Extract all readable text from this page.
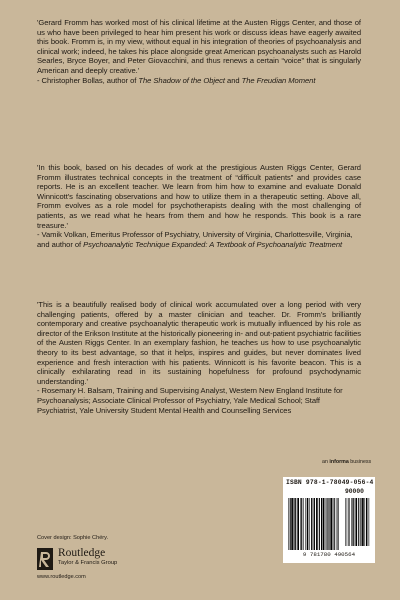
'Gerard Fromm has worked most of his clinical lifetime at the Austen Riggs Center, and those of us who have been privileged to hear him present his work or discuss ideas have eagerly awaited this book. Fromm is, in my view, without equal in his integration of theories of psychoanalysis and clinical work; indeed, he takes his place alongside great American psychoanalysts such as Harold Searles, Bryce Boyer, and Peter Giovacchini, and thus renews a certain “voice” that is singularly American and deeply creative.'

- Christopher Bollas, author of The Shadow of the Object and The Freudian Moment

'In this book, based on his decades of work at the prestigious Austen Riggs Center, Gerard Fromm illustrates technical concepts in the treatment of “difficult patients” and provides case reports. He is an excellent teacher. We learn from him how to examine and evaluate Donald Winnicott's fascinating observations and how to utilize them in a therapeutic setting. Above all, Fromm evolves as a role model for psychotherapists dealing with the most challenging of patients, as we read what he hears from them and how he responds. This book is a rare treasure.'

- Vamik Volkan, Emeritus Professor of Psychiatry, University of Virginia, Charlottesville, Virginia, and author of Psychoanalytic Technique Expanded: A Textbook of Psychoanalytic Treatment

'This is a beautifully realised body of clinical work accumulated over a long period with very challenging patients, offered by a master clinician and teacher. Dr. Fromm's brilliantly contemporary and creative psychoanalytic therapeutic work is mutually influenced by his role as director of the Erikson Institute at the historically pioneering in- and out-patient psychiatric facilities of the Austen Riggs Center. In an exemplary fashion, he teaches us how to use psychoanalytic theory to its best advantage, so that it helps, inspires and guides, but never dominates lived experience and fresh interaction with his patients. Winnicott is his favorite beacon. This is a clinically exhilarating read in its sustaining hopefulness for profound psychodynamic understanding.'

- Rosemary H. Balsam, Training and Supervising Analyst, Western New England Institute for Psychoanalysis; Associate Clinical Professor of Psychiatry, Yale Medical School; Staff Psychiatrist, Yale University Student Mental Health and Counselling Services

an informa business
ISBN 978-1-78049-056-4
90000
9 781780 490564
Cover design: Sophie Chéry.
Routledge
Taylor & Francis Group
www.routledge.com
